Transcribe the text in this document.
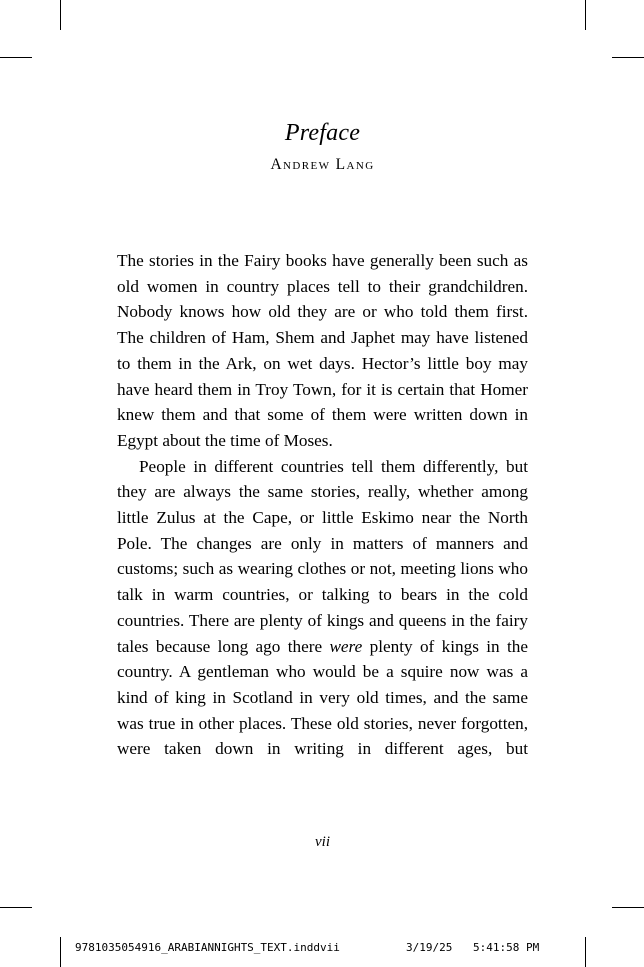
Preface
Andrew Lang

The stories in the Fairy books have generally been such as old women in country places tell to their grandchildren. Nobody knows how old they are or who told them first. The children of Ham, Shem and Japhet may have listened to them in the Ark, on wet days. Hector’s little boy may have heard them in Troy Town, for it is certain that Homer knew them and that some of them were written down in Egypt about the time of Moses.

People in different countries tell them differently, but they are always the same stories, really, whether among little Zulus at the Cape, or little Eskimo near the North Pole. The changes are only in matters of manners and customs; such as wearing clothes or not, meeting lions who talk in warm countries, or talking to bears in the cold countries. There are plenty of kings and queens in the fairy tales because long ago there were plenty of kings in the country. A gentleman who would be a squire now was a kind of king in Scotland in very old times, and the same was true in other places. These old stories, never forgotten, were taken down in writing in different ages, but

vii
9781035054916_ARABIANNIGHTS_TEXT.indd vii	3/19/25 5:41:58 PM
